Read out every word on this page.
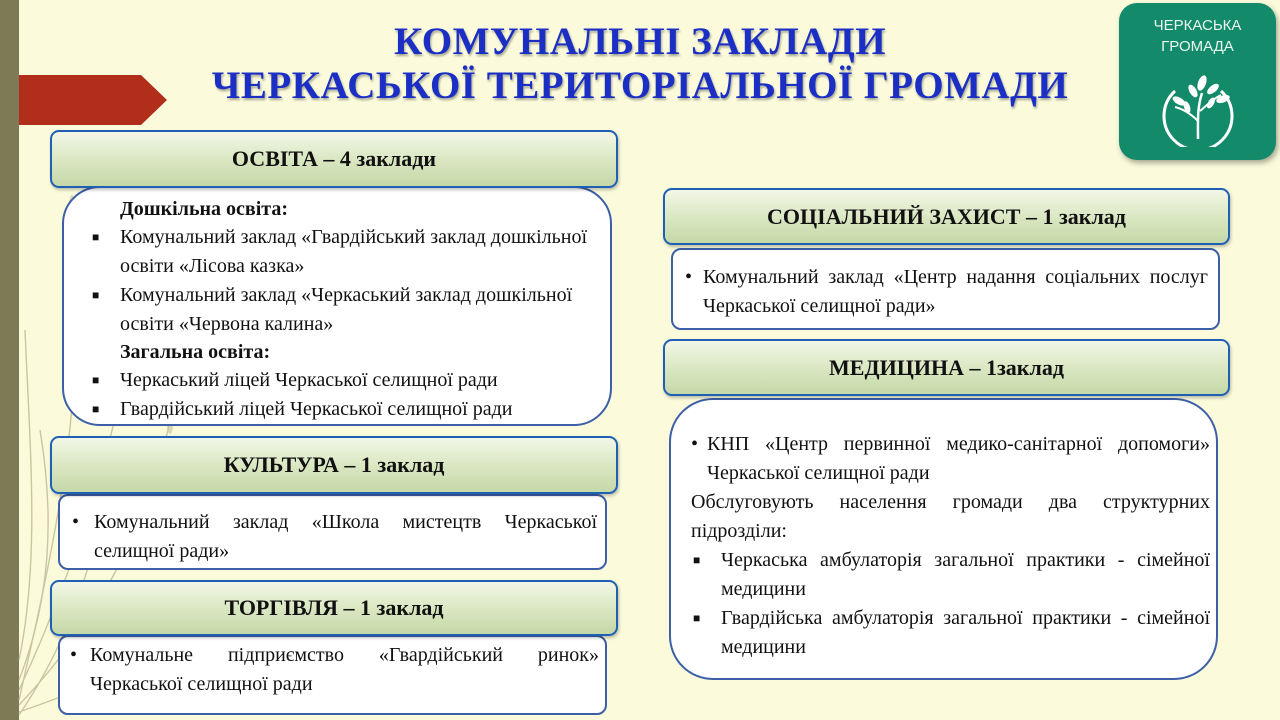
КОМУНАЛЬНІ ЗАКЛАДИ
ЧЕРКАСЬКОЇ ТЕРИТОРІАЛЬНОЇ ГРОМАДИ
ЧЕРКАСЬКА
ГРОМАДА
ОСВІТА – 4 заклади
Дошкільна освіта:
■	Комунальний заклад «Гвардійський заклад дошкільної освіти «Лісова казка»
■	Комунальний заклад «Черкаський заклад дошкільної освіти «Червона калина»
Загальна освіта:
■	Черкаський ліцей Черкаської селищної ради
■	Гвардійський ліцей Черкаської селищної ради
КУЛЬТУРА – 1 заклад
• Комунальний заклад «Школа мистецтв Черкаської селищної ради»
ТОРГІВЛЯ – 1 заклад
• Комунальне підприємство «Гвардійський ринок» Черкаської селищної ради
СОЦІАЛЬНИЙ ЗАХИСТ – 1 заклад
• Комунальний заклад «Центр надання соціальних послуг Черкаської селищної ради»
МЕДИЦИНА – 1заклад
• КНП «Центр первинної медико-санітарної допомоги» Черкаської селищної ради
Обслуговують населення громади два структурних підрозділи:
■	Черкаська амбулаторія загальної практики - сімейної медицини
■	Гвардійська амбулаторія загальної практики - сімейної медицини
